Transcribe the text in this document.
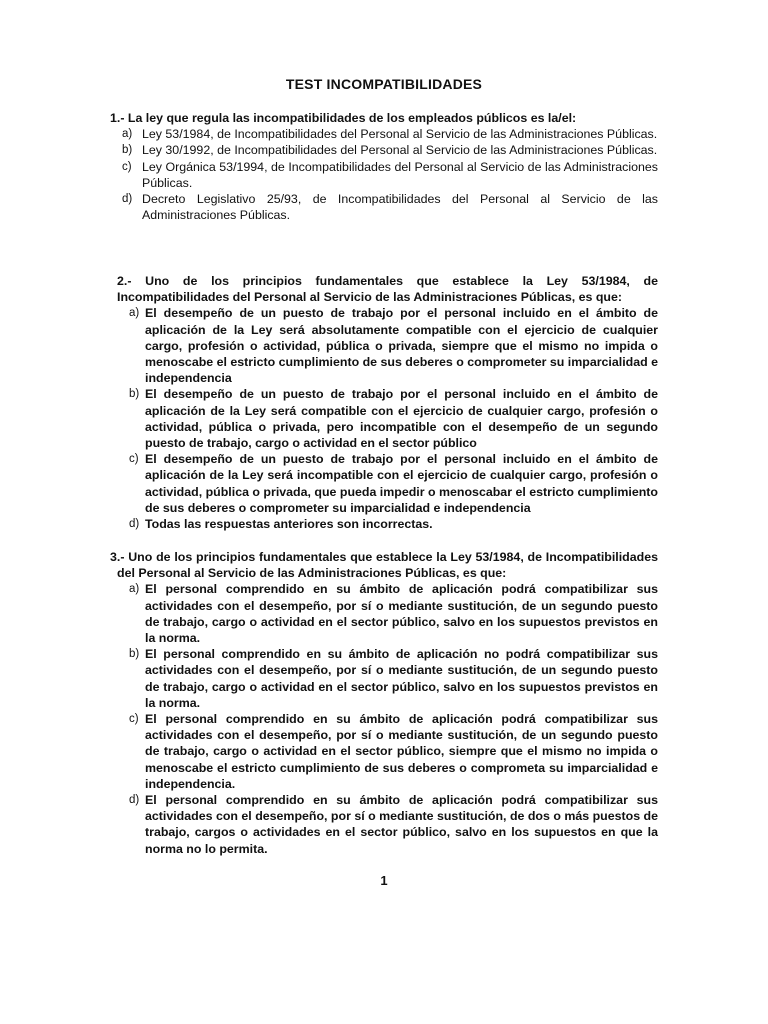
TEST INCOMPATIBILIDADES
1.- La ley que regula las incompatibilidades de los empleados públicos es la/el:
a) Ley 53/1984, de Incompatibilidades del Personal al Servicio de las Administraciones Públicas.
b) Ley 30/1992, de Incompatibilidades del Personal al Servicio de las Administraciones Públicas.
c) Ley Orgánica 53/1994, de Incompatibilidades del Personal al Servicio de las Administraciones Públicas.
d) Decreto Legislativo 25/93, de Incompatibilidades del Personal al Servicio de las Administraciones Públicas.
2.- Uno de los principios fundamentales que establece la Ley 53/1984, de Incompatibilidades del Personal al Servicio de las Administraciones Públicas, es que:
a) El desempeño de un puesto de trabajo por el personal incluido en el ámbito de aplicación de la Ley será absolutamente compatible con el ejercicio de cualquier cargo, profesión o actividad, pública o privada, siempre que el mismo no impida o menoscabe el estricto cumplimiento de sus deberes o comprometer su imparcialidad e independencia
b) El desempeño de un puesto de trabajo por el personal incluido en el ámbito de aplicación de la Ley será compatible con el ejercicio de cualquier cargo, profesión o actividad, pública o privada, pero incompatible con el desempeño de un segundo puesto de trabajo, cargo o actividad en el sector público
c) El desempeño de un puesto de trabajo por el personal incluido en el ámbito de aplicación de la Ley será incompatible con el ejercicio de cualquier cargo, profesión o actividad, pública o privada, que pueda impedir o menoscabar el estricto cumplimiento de sus deberes o comprometer su imparcialidad e independencia
d) Todas las respuestas anteriores son incorrectas.
3.- Uno de los principios fundamentales que establece la Ley 53/1984, de Incompatibilidades del Personal al Servicio de las Administraciones Públicas, es que:
a) El personal comprendido en su ámbito de aplicación podrá compatibilizar sus actividades con el desempeño, por sí o mediante sustitución, de un segundo puesto de trabajo, cargo o actividad en el sector público, salvo en los supuestos previstos en la norma.
b) El personal comprendido en su ámbito de aplicación no podrá compatibilizar sus actividades con el desempeño, por sí o mediante sustitución, de un segundo puesto de trabajo, cargo o actividad en el sector público, salvo en los supuestos previstos en la norma.
c) El personal comprendido en su ámbito de aplicación podrá compatibilizar sus actividades con el desempeño, por sí o mediante sustitución, de un segundo puesto de trabajo, cargo o actividad en el sector público, siempre que el mismo no impida o menoscabe el estricto cumplimiento de sus deberes o comprometa su imparcialidad e independencia.
d) El personal comprendido en su ámbito de aplicación podrá compatibilizar sus actividades con el desempeño, por sí o mediante sustitución, de dos o más puestos de trabajo, cargos o actividades en el sector público, salvo en los supuestos en que la norma no lo permita.
1
